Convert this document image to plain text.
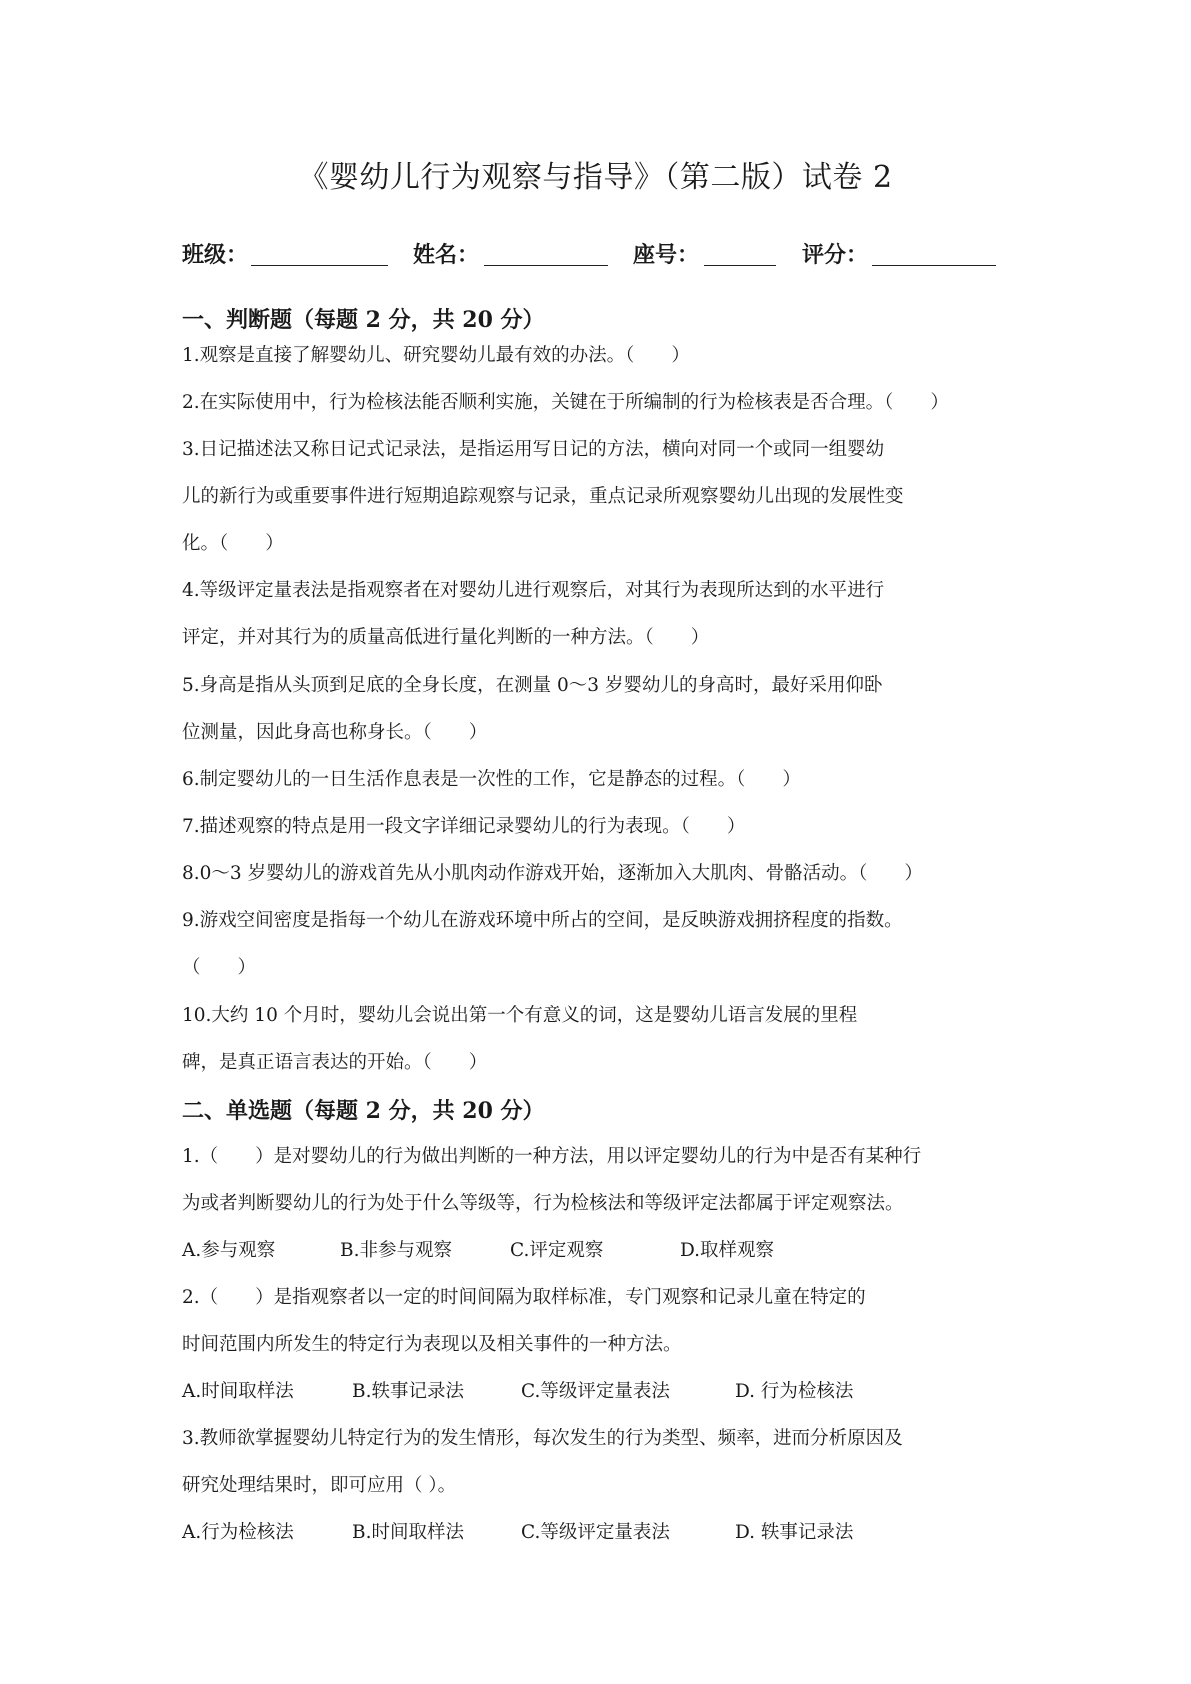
《婴幼儿行为观察与指导》（第二版）试卷 2
班级：	姓名：	座号：	评分：
一、判断题（每题 2 分，共 20 分）
1.观察是直接了解婴幼儿、研究婴幼儿最有效的办法。（　　）
2.在实际使用中，行为检核法能否顺利实施，关键在于所编制的行为检核表是否合理。（　　）
3.日记描述法又称日记式记录法，是指运用写日记的方法，横向对同一个或同一组婴幼
儿的新行为或重要事件进行短期追踪观察与记录，重点记录所观察婴幼儿出现的发展性变
化。（　　）
4.等级评定量表法是指观察者在对婴幼儿进行观察后，对其行为表现所达到的水平进行
评定，并对其行为的质量高低进行量化判断的一种方法。（　　）
5.身高是指从头顶到足底的全身长度，在测量 0～3 岁婴幼儿的身高时，最好采用仰卧
位测量，因此身高也称身长。（　　）
6.制定婴幼儿的一日生活作息表是一次性的工作，它是静态的过程。（　　）
7.描述观察的特点是用一段文字详细记录婴幼儿的行为表现。（　　）
8.0～3 岁婴幼儿的游戏首先从小肌肉动作游戏开始，逐渐加入大肌肉、骨骼活动。（　　）
9.游戏空间密度是指每一个幼儿在游戏环境中所占的空间，是反映游戏拥挤程度的指数。
（　　）
10.大约 10 个月时，婴幼儿会说出第一个有意义的词，这是婴幼儿语言发展的里程
碑，是真正语言表达的开始。（　　）
二、单选题（每题 2 分，共 20 分）
1.（　　）是对婴幼儿的行为做出判断的一种方法，用以评定婴幼儿的行为中是否有某种行
为或者判断婴幼儿的行为处于什么等级等，行为检核法和等级评定法都属于评定观察法。
A.参与观察	B.非参与观察	C.评定观察	D.取样观察
2.（　　）是指观察者以一定的时间间隔为取样标准，专门观察和记录儿童在特定的
时间范围内所发生的特定行为表现以及相关事件的一种方法。
A.时间取样法	B.轶事记录法	C.等级评定量表法	D. 行为检核法
3.教师欲掌握婴幼儿特定行为的发生情形，每次发生的行为类型、频率，进而分析原因及
研究处理结果时，即可应用（ ）。
A.行为检核法	B.时间取样法	C.等级评定量表法	D. 轶事记录法
